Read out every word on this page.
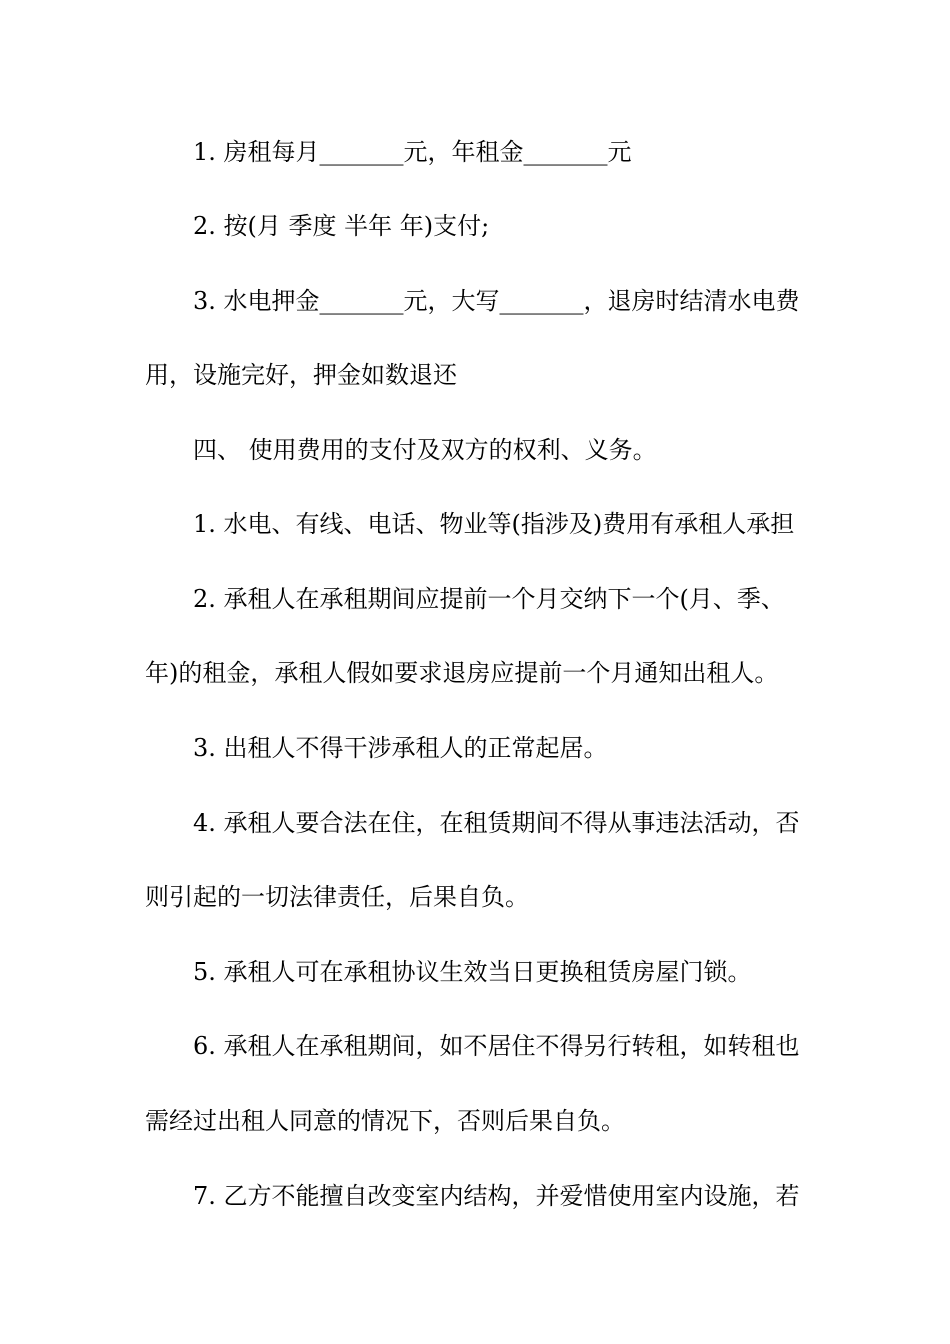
1. 房租每月_______元，年租金_______元
2. 按(月 季度 半年 年)支付;
3. 水电押金_______元，大写_______，退房时结清水电费
用，设施完好，押金如数退还
四、 使用费用的支付及双方的权利、义务。
1. 水电、有线、电话、物业等(指涉及)费用有承租人承担
2. 承租人在承租期间应提前一个月交纳下一个(月、季、
年)的租金，承租人假如要求退房应提前一个月通知出租人。
3. 出租人不得干涉承租人的正常起居。
4. 承租人要合法在住，在租赁期间不得从事违法活动，否
则引起的一切法律责任，后果自负。
5. 承租人可在承租协议生效当日更换租赁房屋门锁。
6. 承租人在承租期间，如不居住不得另行转租，如转租也
需经过出租人同意的情况下，否则后果自负。
7. 乙方不能擅自改变室内结构，并爱惜使用室内设施，若
